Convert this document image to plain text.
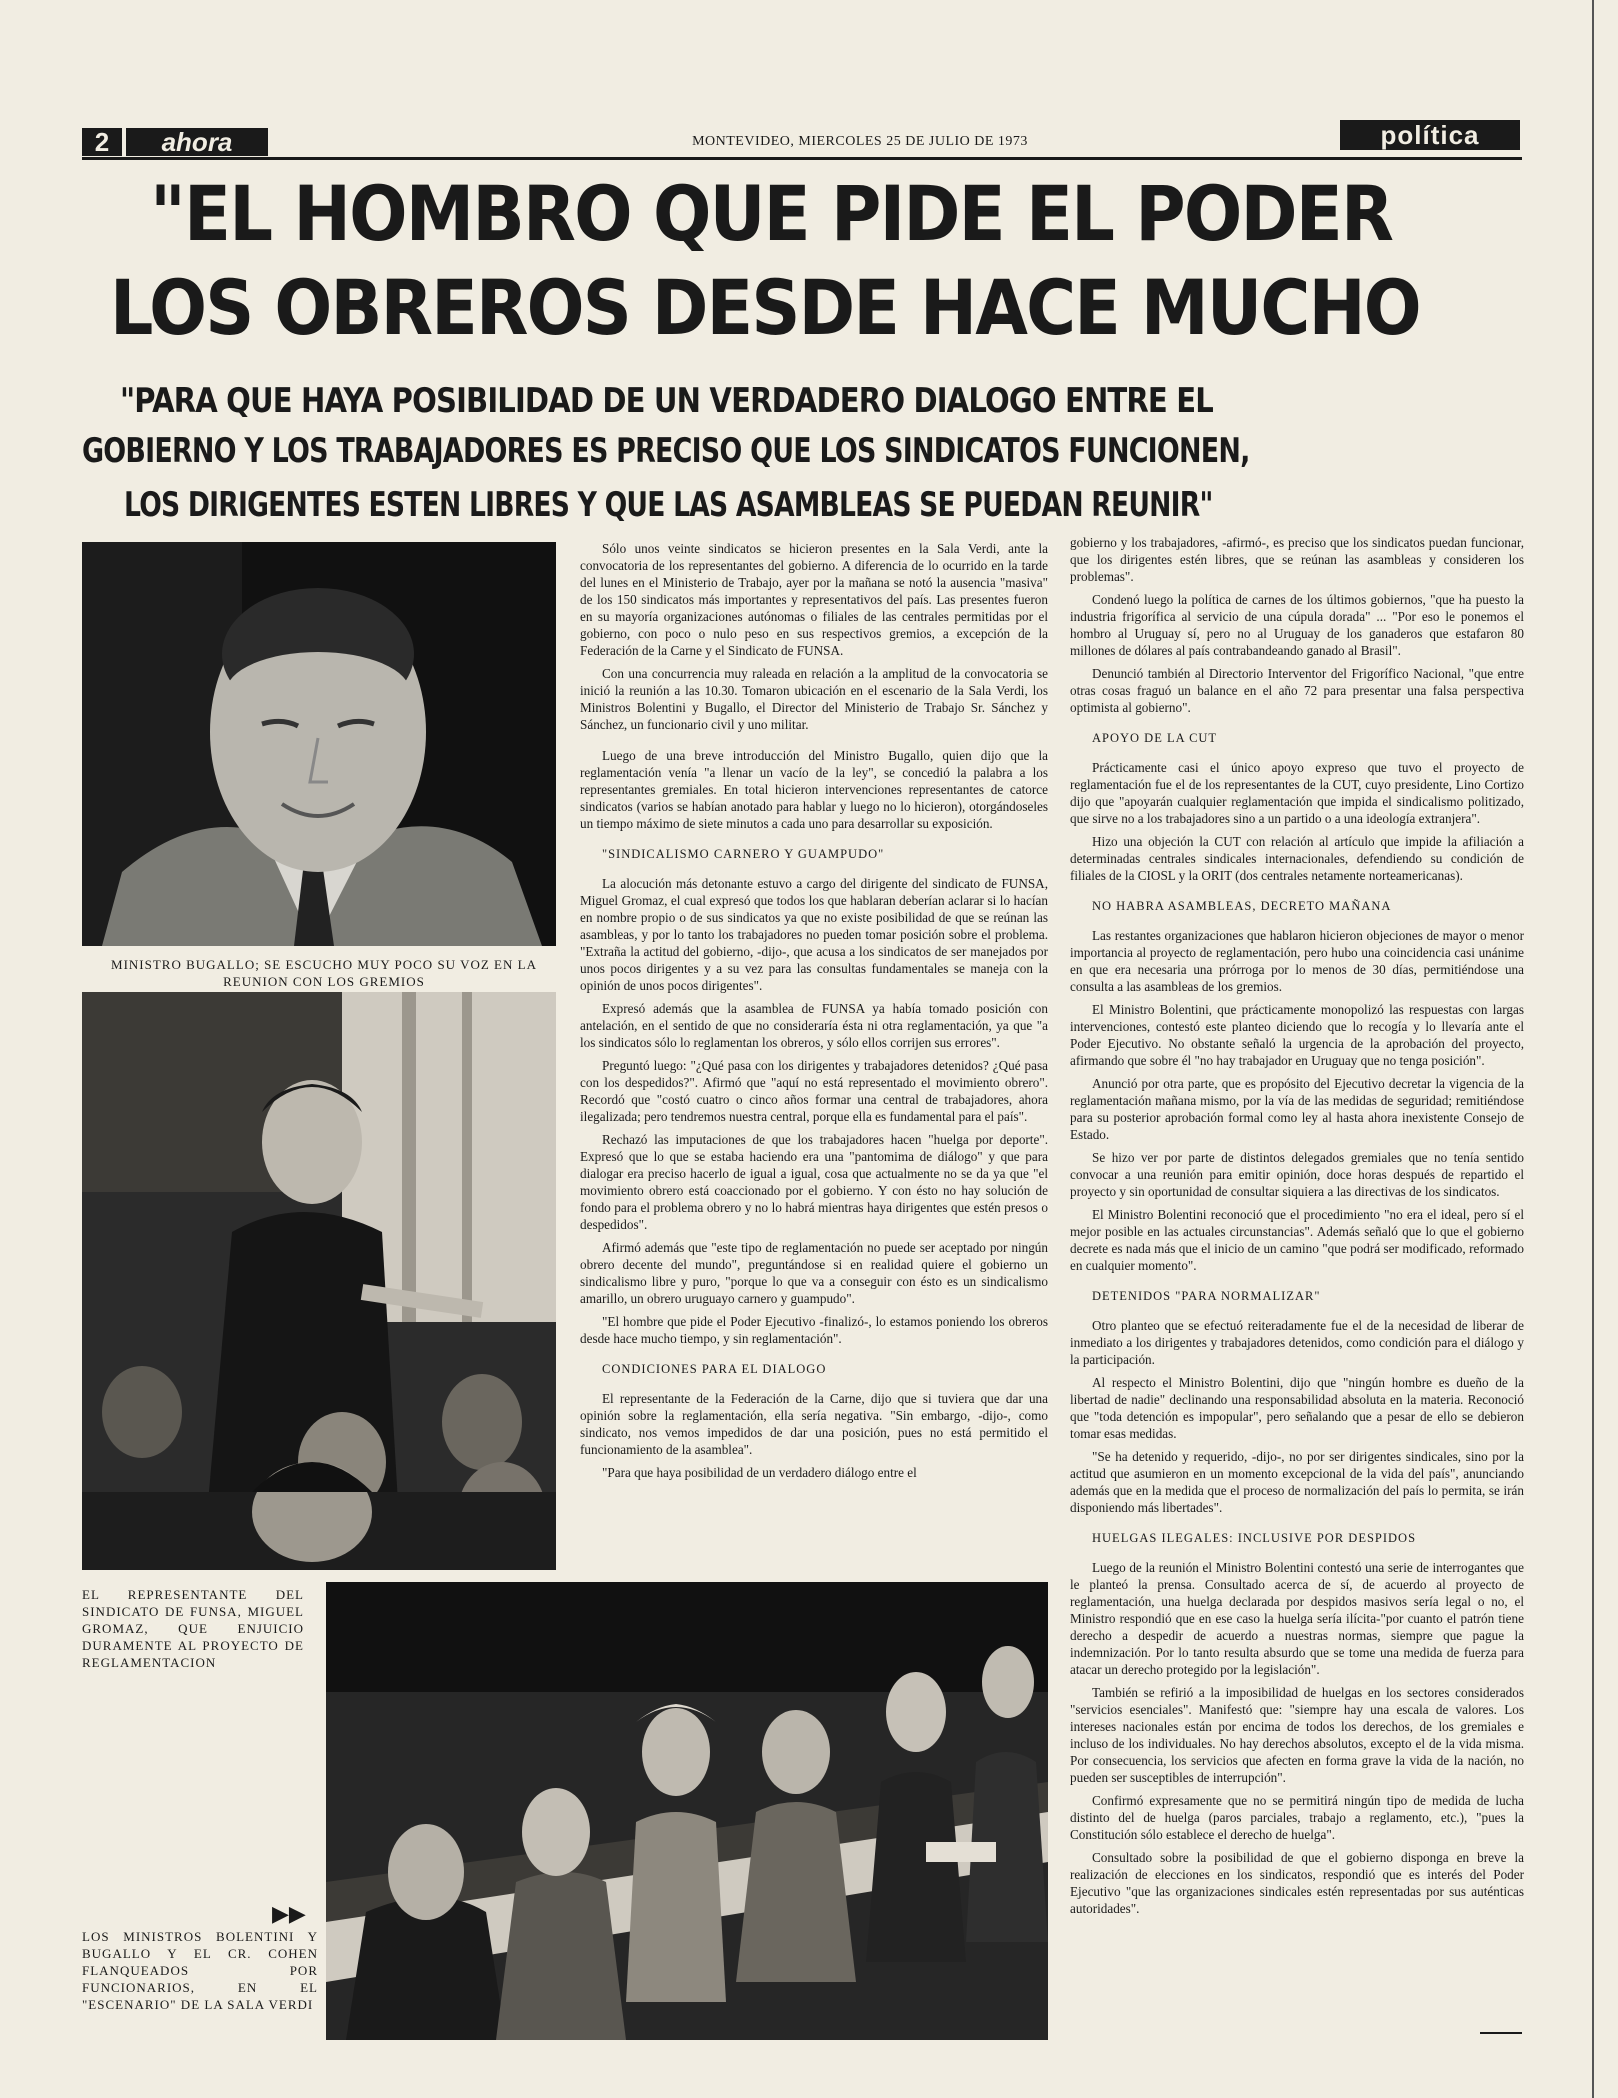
2	ahora	MONTEVIDEO, MIERCOLES 25 DE JULIO DE 1973	política
"EL HOMBRO QUE PIDE EL PODER
LOS OBREROS DESDE HACE MUCHO
"PARA QUE HAYA POSIBILIDAD DE UN VERDADERO DIALOGO ENTRE EL
GOBIERNO Y LOS TRABAJADORES ES PRECISO QUE LOS SINDICATOS FUNCIONEN,
LOS DIRIGENTES ESTEN LIBRES Y QUE LAS ASAMBLEAS SE PUEDAN REUNIR"
MINISTRO BUGALLO; SE ESCUCHO MUY POCO SU VOZ EN LA REUNION CON LOS GREMIOS
EL REPRESENTANTE DEL SINDICATO DE FUNSA, MIGUEL GROMAZ, QUE ENJUICIO DURAMENTE AL PROYECTO DE REGLAMENTACION
▶▶
LOS MINISTROS BOLENTINI Y BUGALLO Y EL CR. COHEN FLANQUEADOS POR FUNCIONARIOS, EN EL "ESCENARIO" DE LA SALA VERDI

Sólo unos veinte sindicatos se hicieron presentes en la Sala Verdi, ante la convocatoria de los representantes del gobierno. A diferencia de lo ocurrido en la tarde del lunes en el Ministerio de Trabajo, ayer por la mañana se notó la ausencia "masiva" de los 150 sindicatos más importantes y representativos del país. Las presentes fueron en su mayoría organizaciones autónomas o filiales de las centrales permitidas por el gobierno, con poco o nulo peso en sus respectivos gremios, a excepción de la Federación de la Carne y el Sindicato de FUNSA.

Con una concurrencia muy raleada en relación a la amplitud de la convocatoria se inició la reunión a las 10.30. Tomaron ubicación en el escenario de la Sala Verdi, los Ministros Bolentini y Bugallo, el Director del Ministerio de Trabajo Sr. Sánchez y Sánchez, un funcionario civil y uno militar.

Luego de una breve introducción del Ministro Bugallo, quien dijo que la reglamentación venía "a llenar un vacío de la ley", se concedió la palabra a los representantes gremiales. En total hicieron intervenciones representantes de catorce sindicatos (varios se habían anotado para hablar y luego no lo hicieron), otorgándoseles un tiempo máximo de siete minutos a cada uno para desarrollar su exposición.

"SINDICALISMO CARNERO Y GUAMPUDO"

La alocución más detonante estuvo a cargo del dirigente del sindicato de FUNSA, Miguel Gromaz, el cual expresó que todos los que hablaran deberían aclarar si lo hacían en nombre propio o de sus sindicatos ya que no existe posibilidad de que se reúnan las asambleas, y por lo tanto los trabajadores no pueden tomar posición sobre el problema. "Extraña la actitud del gobierno, -dijo-, que acusa a los sindicatos de ser manejados por unos pocos dirigentes y a su vez para las consultas fundamentales se maneja con la opinión de unos pocos dirigentes".

Expresó además que la asamblea de FUNSA ya había tomado posición con antelación, en el sentido de que no consideraría ésta ni otra reglamentación, ya que "a los sindicatos sólo lo reglamentan los obreros, y sólo ellos corrijen sus errores".

Preguntó luego: "¿Qué pasa con los dirigentes y trabajadores detenidos? ¿Qué pasa con los despedidos?". Afirmó que "aquí no está representado el movimiento obrero". Recordó que "costó cuatro o cinco años formar una central de trabajadores, ahora ilegalizada; pero tendremos nuestra central, porque ella es fundamental para el país".

Rechazó las imputaciones de que los trabajadores hacen "huelga por deporte". Expresó que lo que se estaba haciendo era una "pantomima de diálogo" y que para dialogar era preciso hacerlo de igual a igual, cosa que actualmente no se da ya que "el movimiento obrero está coaccionado por el gobierno. Y con ésto no hay solución de fondo para el problema obrero y no lo habrá mientras haya dirigentes que estén presos o despedidos".

Afirmó además que "este tipo de reglamentación no puede ser aceptado por ningún obrero decente del mundo", preguntándose si en realidad quiere el gobierno un sindicalismo libre y puro, "porque lo que va a conseguir con ésto es un sindicalismo amarillo, un obrero uruguayo carnero y guampudo".

"El hombre que pide el Poder Ejecutivo -finalizó-, lo estamos poniendo los obreros desde hace mucho tiempo, y sin reglamentación".

CONDICIONES PARA EL DIALOGO

El representante de la Federación de la Carne, dijo que si tuviera que dar una opinión sobre la reglamentación, ella sería negativa. "Sin embargo, -dijo-, como sindicato, nos vemos impedidos de dar una posición, pues no está permitido el funcionamiento de la asamblea".

"Para que haya posibilidad de un verdadero diálogo entre el

gobierno y los trabajadores, -afirmó-, es preciso que los sindicatos puedan funcionar, que los dirigentes estén libres, que se reúnan las asambleas y consideren los problemas".

Condenó luego la política de carnes de los últimos gobiernos, "que ha puesto la industria frigorífica al servicio de una cúpula dorada" ... "Por eso le ponemos el hombro al Uruguay sí, pero no al Uruguay de los ganaderos que estafaron 80 millones de dólares al país contrabandeando ganado al Brasil".

Denunció también al Directorio Interventor del Frigorífico Nacional, "que entre otras cosas fraguó un balance en el año 72 para presentar una falsa perspectiva optimista al gobierno".

APOYO DE LA CUT

Prácticamente casi el único apoyo expreso que tuvo el proyecto de reglamentación fue el de los representantes de la CUT, cuyo presidente, Lino Cortizo dijo que "apoyarán cualquier reglamentación que impida el sindicalismo politizado, que sirve no a los trabajadores sino a un partido o a una ideología extranjera".

Hizo una objeción la CUT con relación al artículo que impide la afiliación a determinadas centrales sindicales internacionales, defendiendo su condición de filiales de la CIOSL y la ORIT (dos centrales netamente norteamericanas).

NO HABRA ASAMBLEAS, DECRETO MAÑANA

Las restantes organizaciones que hablaron hicieron objeciones de mayor o menor importancia al proyecto de reglamentación, pero hubo una coincidencia casi unánime en que era necesaria una prórroga por lo menos de 30 días, permitiéndose una consulta a las asambleas de los gremios.

El Ministro Bolentini, que prácticamente monopolizó las respuestas con largas intervenciones, contestó este planteo diciendo que lo recogía y lo llevaría ante el Poder Ejecutivo. No obstante señaló la urgencia de la aprobación del proyecto, afirmando que sobre él "no hay trabajador en Uruguay que no tenga posición".

Anunció por otra parte, que es propósito del Ejecutivo decretar la vigencia de la reglamentación mañana mismo, por la vía de las medidas de seguridad; remitiéndose para su posterior aprobación formal como ley al hasta ahora inexistente Consejo de Estado.

Se hizo ver por parte de distintos delegados gremiales que no tenía sentido convocar a una reunión para emitir opinión, doce horas después de repartido el proyecto y sin oportunidad de consultar siquiera a las directivas de los sindicatos.

El Ministro Bolentini reconoció que el procedimiento "no era el ideal, pero sí el mejor posible en las actuales circunstancias". Además señaló que lo que el gobierno decrete es nada más que el inicio de un camino "que podrá ser modificado, reformado en cualquier momento".

DETENIDOS "PARA NORMALIZAR"

Otro planteo que se efectuó reiteradamente fue el de la necesidad de liberar de inmediato a los dirigentes y trabajadores detenidos, como condición para el diálogo y la participación.

Al respecto el Ministro Bolentini, dijo que "ningún hombre es dueño de la libertad de nadie" declinando una responsabilidad absoluta en la materia. Reconoció que "toda detención es impopular", pero señalando que a pesar de ello se debieron tomar esas medidas.

"Se ha detenido y requerido, -dijo-, no por ser dirigentes sindicales, sino por la actitud que asumieron en un momento excepcional de la vida del país", anunciando además que en la medida que el proceso de normalización del país lo permita, se irán disponiendo más libertades".

HUELGAS ILEGALES: INCLUSIVE POR DESPIDOS

Luego de la reunión el Ministro Bolentini contestó una serie de interrogantes que le planteó la prensa. Consultado acerca de sí, de acuerdo al proyecto de reglamentación, una huelga declarada por despidos masivos sería legal o no, el Ministro respondió que en ese caso la huelga sería ilícita-"por cuanto el patrón tiene derecho a despedir de acuerdo a nuestras normas, siempre que pague la indemnización. Por lo tanto resulta absurdo que se tome una medida de fuerza para atacar un derecho protegido por la legislación".

También se refirió a la imposibilidad de huelgas en los sectores considerados "servicios esenciales". Manifestó que: "siempre hay una escala de valores. Los intereses nacionales están por encima de todos los derechos, de los gremiales e incluso de los individuales. No hay derechos absolutos, excepto el de la vida misma. Por consecuencia, los servicios que afecten en forma grave la vida de la nación, no pueden ser susceptibles de interrupción".

Confirmó expresamente que no se permitirá ningún tipo de medida de lucha distinto del de huelga (paros parciales, trabajo a reglamento, etc.), "pues la Constitución sólo establece el derecho de huelga".

Consultado sobre la posibilidad de que el gobierno disponga en breve la realización de elecciones en los sindicatos, respondió que es interés del Poder Ejecutivo "que las organizaciones sindicales estén representadas por sus auténticas autoridades".
